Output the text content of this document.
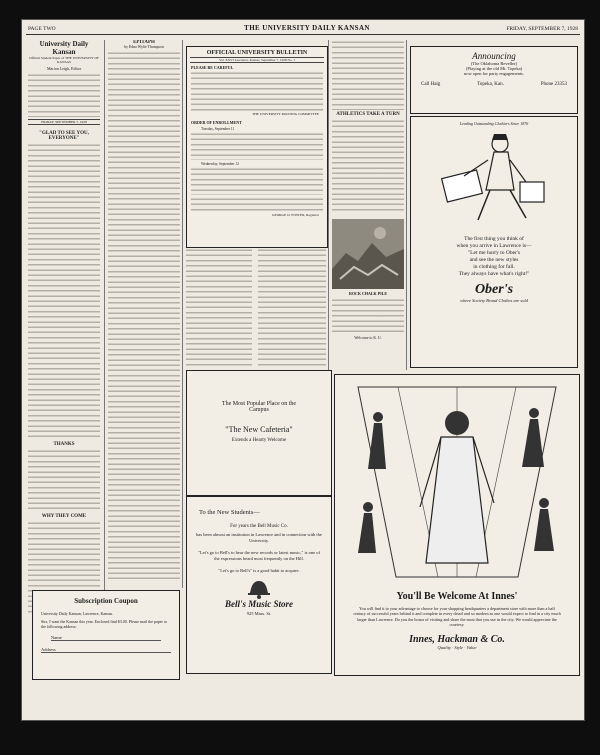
PAGE TWO	THE UNIVERSITY DAILY KANSAN	FRIDAY, SEPTEMBER 7, 1928
University Daily Kansan
Official Student Paper of THE UNIVERSITY OF KANSAS
Marion Leigh, Editor
FRIDAY, SEPTEMBER 7, 1928
"GLAD TO SEE YOU, EVERYONE"
THANKS
WHY THEY COME
Subscription Coupon
University Daily Kansan, Lawrence, Kansas.
Sirs, I want the Kansan this year. Enclosed find $3.00. Please mail the paper to the following address:
Name
Address
EPITAPH
by Edna Wylie Thompson
OFFICIAL UNIVERSITY BULLETIN
Vol. XXVI Lawrence, Kansas, September 7, 1928 No. 1
PLEASE BE CAREFUL
THE UNIVERSITY ROOTING COMMITTEE
ORDER OF ENROLLMENT
Tuesday, September 11
Wednesday, September 12
GEORGE O. FOSTER, Registrar
ATHLETICS TAKE A TURN
ROCK CHALK PILE
Welcome to K. U.
Announcing
(The Oklahoma Reveller)
(Playing at the old Mt. Topeka)
now open for party engagements.
Call Haig	Topeka, Kan.	Phone 23353
Leading Outstanding Clothiers Since 1876
The first thing you think of
when you arrive in Lawrence is—
"Let me hurry to Ober's
and see the new styles
in clothing for fall.
They always have what's right!"
Ober's
where Society Brand Clothes are sold
The Most Popular Place on the
Campus
"The New Cafeteria"
Extends a Hearty Welcome
To the New Students—
For years the Bell Music Co.
has been almost an institution in Lawrence and in connection with the University.
"Let's go to Bell's to hear the new records or latest music," is one of the expressions heard most frequently on the Hill.
"Let's go to Bell's" is a good habit to acquire.
Bell's Music Store
925 Mass. St.
You'll Be Welcome At Innes'
You will find it to your advantage to choose for your shopping headquarters a department store with more than a half century of successful years behind it and complete in every detail and so modern as one would expect to find in a city much larger than Lawrence. Do you the honor of visiting and share the most that you use in the city. We would appreciate the courtesy.
Innes, Hackman & Co.
Quality · Style · Value
